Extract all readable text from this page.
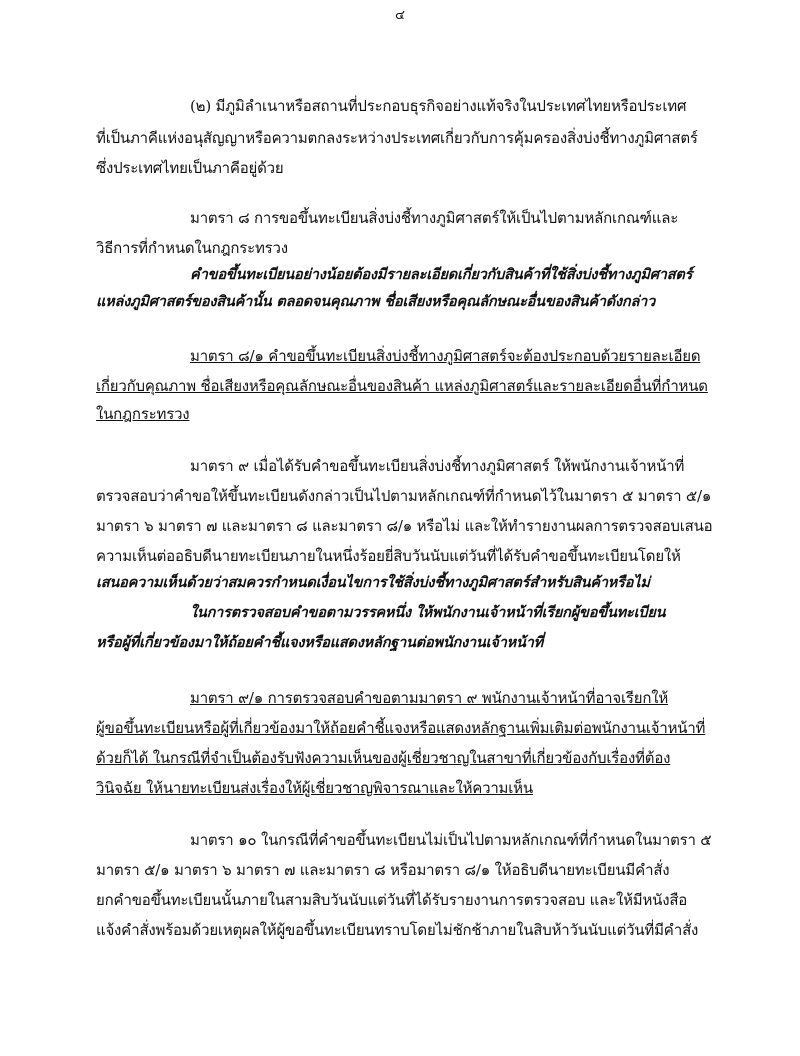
๔
(๒) มีภูมิลำเนาหรือสถานที่ประกอบธุรกิจอย่างแท้จริงในประเทศไทยหรือประเทศ
ที่เป็นภาคีแห่งอนุสัญญาหรือความตกลงระหว่างประเทศเกี่ยวกับการคุ้มครองสิ่งบ่งชี้ทางภูมิศาสตร์
ซึ่งประเทศไทยเป็นภาคีอยู่ด้วย
มาตรา ๘ การขอขึ้นทะเบียนสิ่งบ่งชี้ทางภูมิศาสตร์ให้เป็นไปตามหลักเกณฑ์และ
วิธีการที่กำหนดในกฎกระทรวง
คำขอขึ้นทะเบียนอย่างน้อยต้องมีรายละเอียดเกี่ยวกับสินค้าที่ใช้สิ่งบ่งชี้ทางภูมิศาสตร์
แหล่งภูมิศาสตร์ของสินค้านั้น ตลอดจนคุณภาพ ชื่อเสียงหรือคุณลักษณะอื่นของสินค้าดังกล่าว
มาตรา ๘/๑ คำขอขึ้นทะเบียนสิ่งบ่งชี้ทางภูมิศาสตร์จะต้องประกอบด้วยรายละเอียด
เกี่ยวกับคุณภาพ ชื่อเสียงหรือคุณลักษณะอื่นของสินค้า แหล่งภูมิศาสตร์และรายละเอียดอื่นที่กำหนด
ในกฎกระทรวง
มาตรา ๙ เมื่อได้รับคำขอขึ้นทะเบียนสิ่งบ่งชี้ทางภูมิศาสตร์ ให้พนักงานเจ้าหน้าที่
ตรวจสอบว่าคำขอให้ขึ้นทะเบียนดังกล่าวเป็นไปตามหลักเกณฑ์ที่กำหนดไว้ในมาตรา ๕ มาตรา ๕/๑
มาตรา ๖ มาตรา ๗ และมาตรา ๘ และมาตรา ๘/๑ หรือไม่ และให้ทำรายงานผลการตรวจสอบเสนอ
ความเห็นต่ออธิบดีนายทะเบียนภายในหนึ่งร้อยยี่สิบวันนับแต่วันที่ได้รับคำขอขึ้นทะเบียนโดยให้
เสนอความเห็นด้วยว่าสมควรกำหนดเงื่อนไขการใช้สิ่งบ่งชี้ทางภูมิศาสตร์สำหรับสินค้าหรือไม่
ในการตรวจสอบคำขอตามวรรคหนึ่ง ให้พนักงานเจ้าหน้าที่เรียกผู้ขอขึ้นทะเบียน
หรือผู้ที่เกี่ยวข้องมาให้ถ้อยคำชี้แจงหรือแสดงหลักฐานต่อพนักงานเจ้าหน้าที่
มาตรา ๙/๑ การตรวจสอบคำขอตามมาตรา ๙ พนักงานเจ้าหน้าที่อาจเรียกให้
ผู้ขอขึ้นทะเบียนหรือผู้ที่เกี่ยวข้องมาให้ถ้อยคำชี้แจงหรือแสดงหลักฐานเพิ่มเติมต่อพนักงานเจ้าหน้าที่
ด้วยก็ได้ ในกรณีที่จำเป็นต้องรับฟังความเห็นของผู้เชี่ยวชาญในสาขาที่เกี่ยวข้องกับเรื่องที่ต้อง
วินิจฉัย ให้นายทะเบียนส่งเรื่องให้ผู้เชี่ยวชาญพิจารณาและให้ความเห็น
มาตรา ๑๐ ในกรณีที่คำขอขึ้นทะเบียนไม่เป็นไปตามหลักเกณฑ์ที่กำหนดในมาตรา ๕
มาตรา ๕/๑ มาตรา ๖ มาตรา ๗ และมาตรา ๘ หรือมาตรา ๘/๑ ให้อธิบดีนายทะเบียนมีคำสั่ง
ยกคำขอขึ้นทะเบียนนั้นภายในสามสิบวันนับแต่วันที่ได้รับรายงานการตรวจสอบ และให้มีหนังสือ
แจ้งคำสั่งพร้อมด้วยเหตุผลให้ผู้ขอขึ้นทะเบียนทราบโดยไม่ชักช้าภายในสิบห้าวันนับแต่วันที่มีคำสั่ง
